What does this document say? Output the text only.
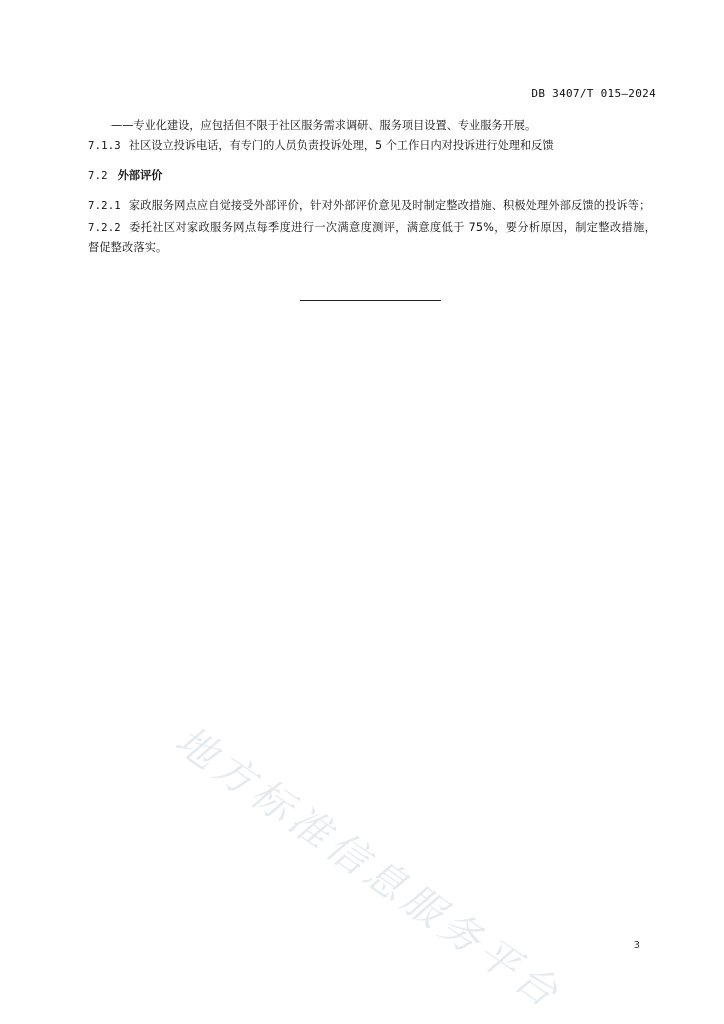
DB 3407/T 015—2024

——专业化建设，应包括但不限于社区服务需求调研、服务项目设置、专业服务开展。

7.1.3 社区设立投诉电话，有专门的人员负责投诉处理，5 个工作日内对投诉进行处理和反馈

7.2 外部评价

7.2.1 家政服务网点应自觉接受外部评价，针对外部评价意见及时制定整改措施、积极处理外部反馈的投诉等；

7.2.2 委托社区对家政服务网点每季度进行一次满意度测评，满意度低于 75%，要分析原因，制定整改措施，督促整改落实。

地方标准信息服务平台	3
